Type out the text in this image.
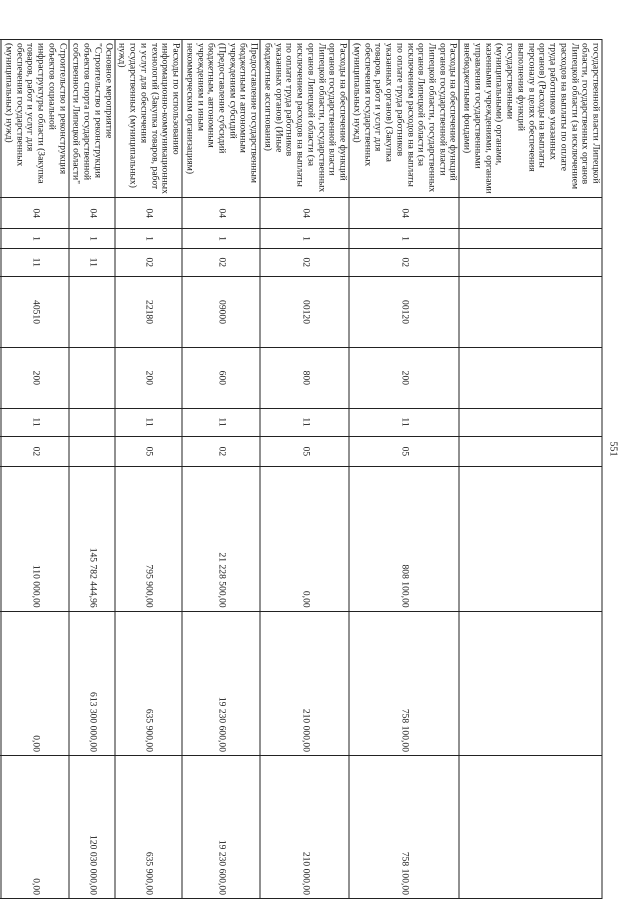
551
государственной власти Липецкой области, государственных органов Липецкой области (за исключением расходов на выплаты по оплате труда работников указанных органов) (Расходы на выплаты персоналу в целях обеспечения выполнения функций государственными (муниципальными) органами, казенными учреждениями, органами управления государственными внебюджетными фондами)										
Расходы на обеспечение функций органов государственной власти Липецкой области, государственных органов Липецкой области (за исключением расходов на выплаты по оплате труда работников указанных органов) (Закупка товаров, работ и услуг для обеспечения государственных (муниципальных) нужд)	04	1	02	00120	200	11	05	808 100,00	758 100,00	758 100,00
Расходы на обеспечение функций органов государственной власти Липецкой области, государственных органов Липецкой области (за исключением расходов на выплаты по оплате труда работников указанных органов) (Иные бюджетные ассигнования)	04	1	02	00120	800	11	05	0,00	210 000,00	210 000,00
Предоставление государственным бюджетным и автономным учреждениям субсидий (Предоставление субсидий бюджетным, автономным учреждениям и иным некоммерческим организациям)	04	1	02	09000	600	11	02	21 228 500,00	19 230 600,00	19 230 600,00
Расходы по использованию информационно-коммуникационных технологий (Закупка товаров, работ и услуг для обеспечения государственных (муниципальных) нужд)	04	1	02	22180	200	11	05	795 900,00	635 900,00	635 900,00
Основное мероприятие "Строительство и реконструкция объектов спорта государственной собственности Липецкой области"	04	1	11					145 782 444,96	613 300 000,00	120 030 000,00
Строительство и реконструкция объектов социальной инфраструктуры области (Закупка товаров, работ и услуг для обеспечения государственных (муниципальных) нужд)	04	1	11	40510	200	11	02	110 000,00	0,00	0,00
